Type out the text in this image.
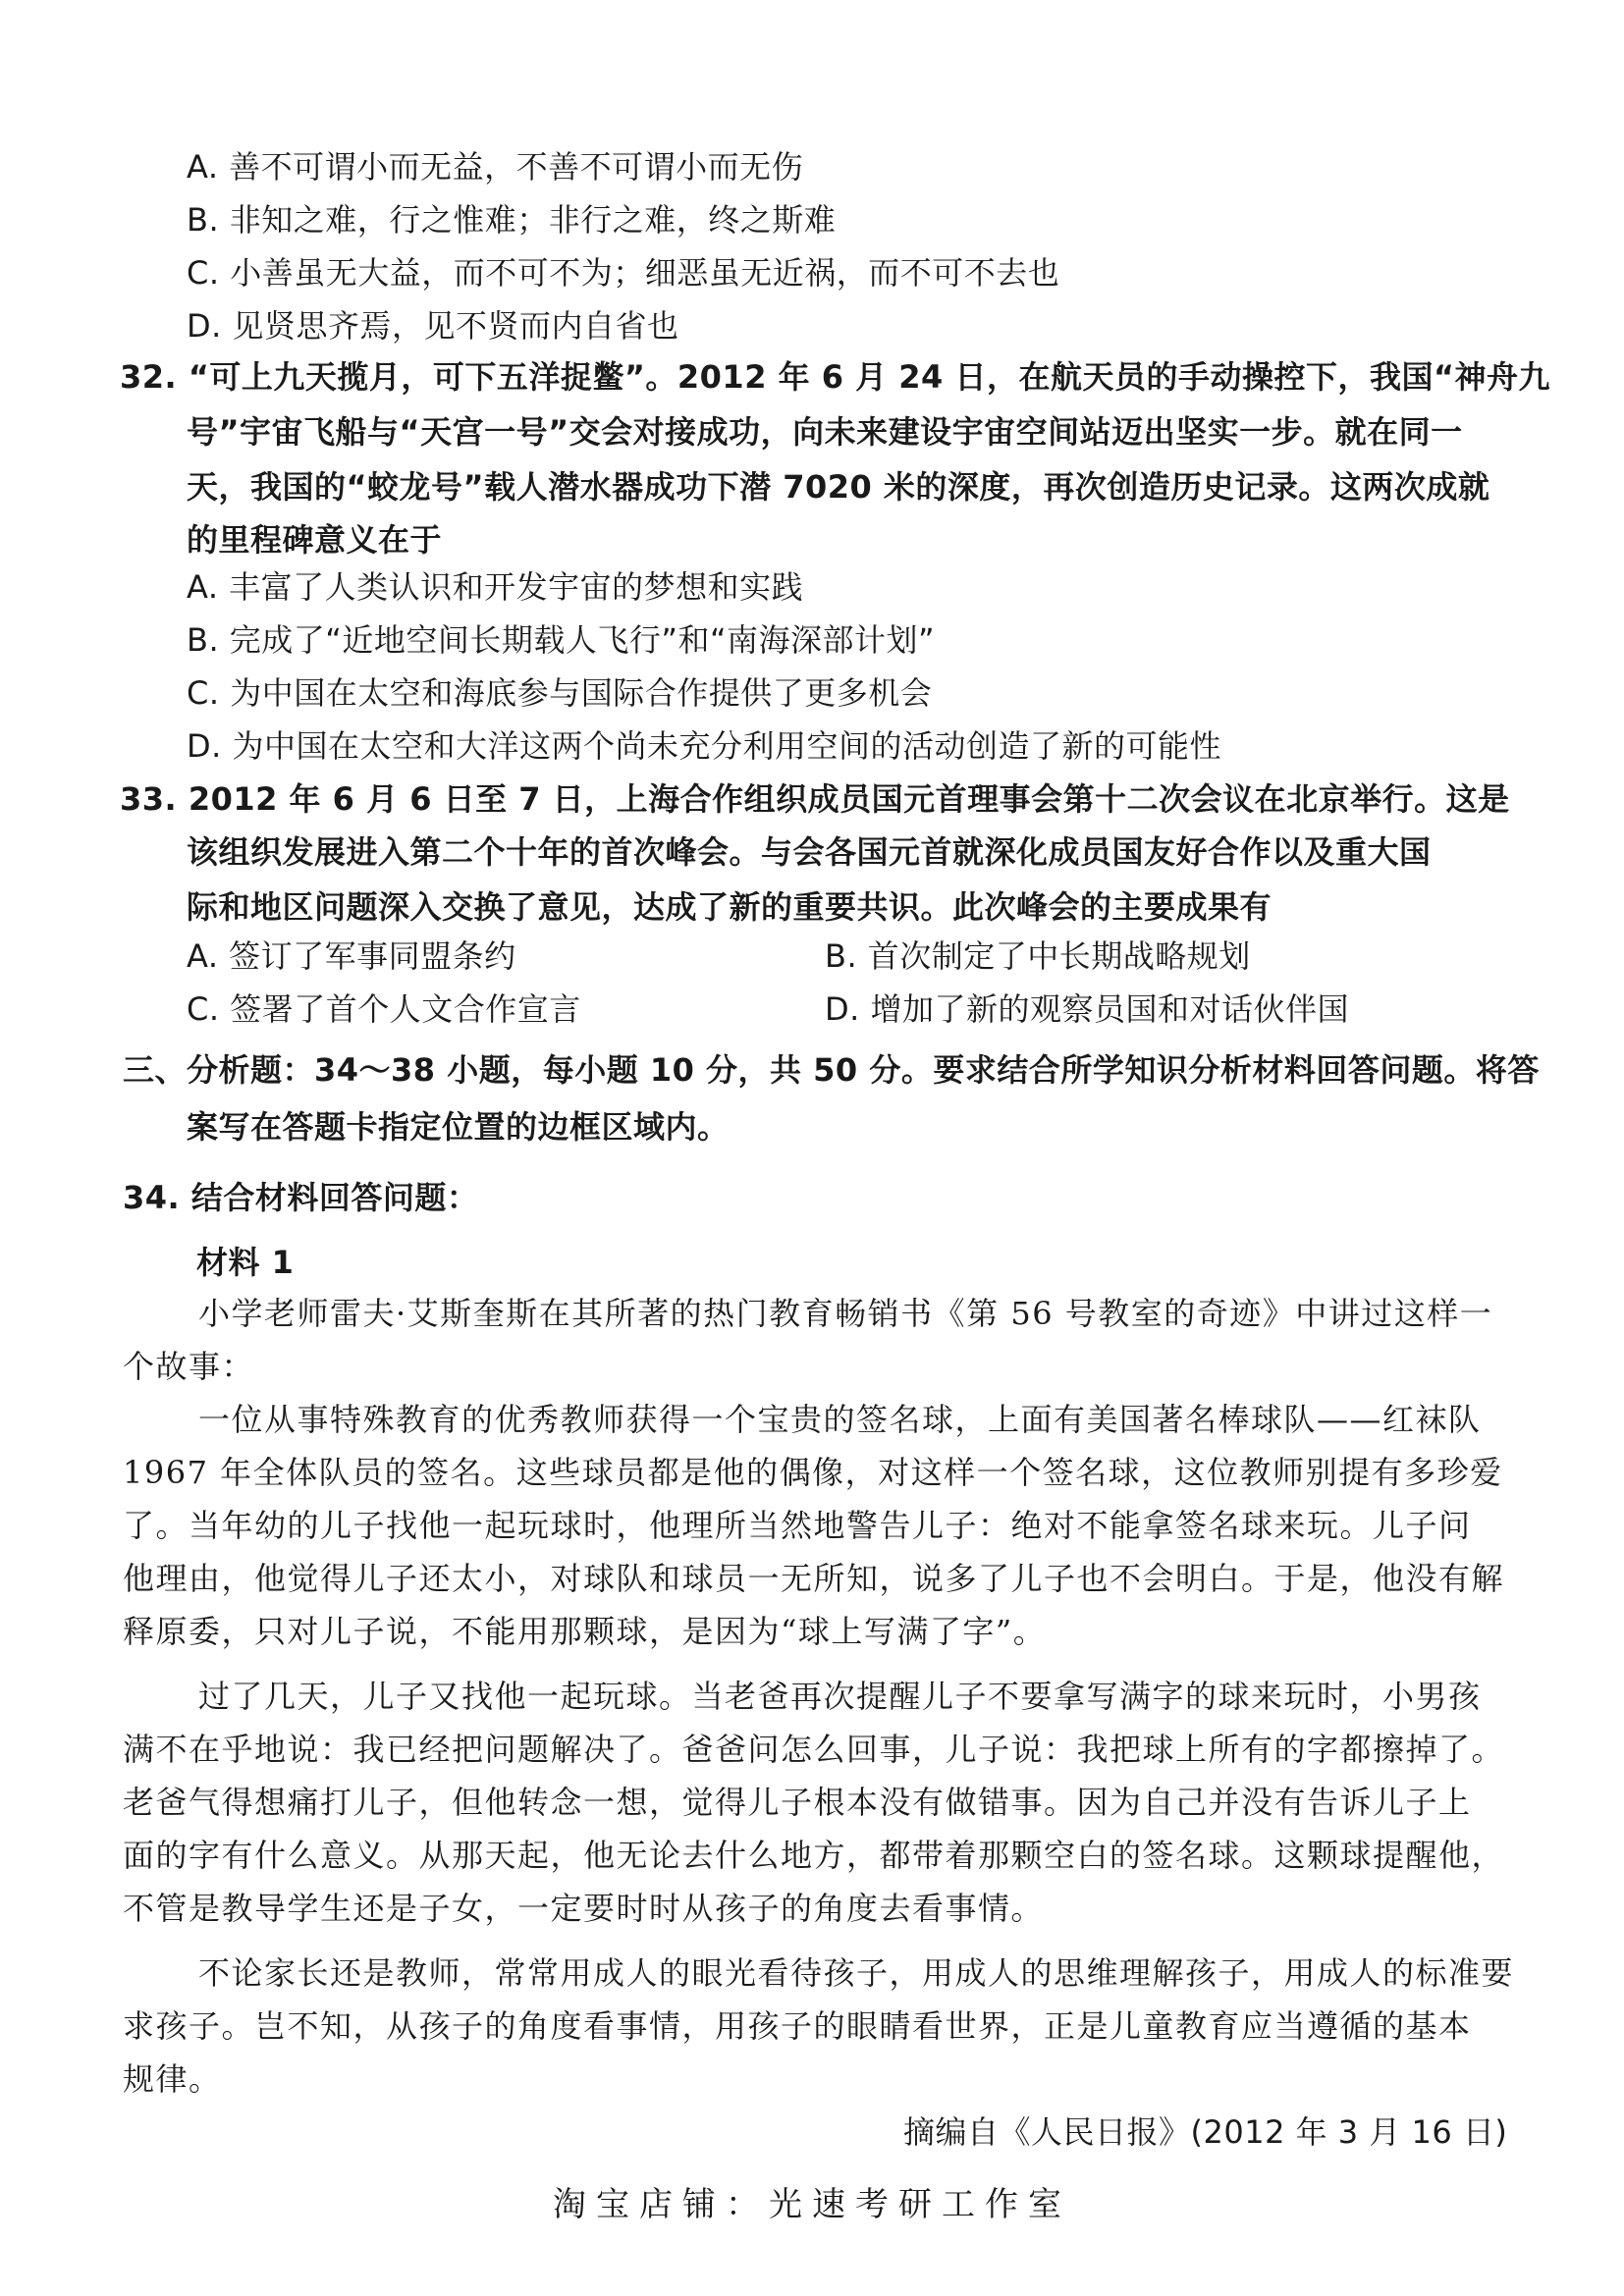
A. 善不可谓小而无益，不善不可谓小而无伤
B. 非知之难，行之惟难；非行之难，终之斯难
C. 小善虽无大益，而不可不为；细恶虽无近祸，而不可不去也
D. 见贤思齐焉，见不贤而内自省也
32. “可上九天揽月，可下五洋捉鳖”。2012 年 6 月 24 日，在航天员的手动操控下，我国“神舟九
号”宇宙飞船与“天宫一号”交会对接成功，向未来建设宇宙空间站迈出坚实一步。就在同一
天，我国的“蛟龙号”载人潜水器成功下潜 7020 米的深度，再次创造历史记录。这两次成就
的里程碑意义在于
A. 丰富了人类认识和开发宇宙的梦想和实践
B. 完成了“近地空间长期载人飞行”和“南海深部计划”
C. 为中国在太空和海底参与国际合作提供了更多机会
D. 为中国在太空和大洋这两个尚未充分利用空间的活动创造了新的可能性
33. 2012 年 6 月 6 日至 7 日，上海合作组织成员国元首理事会第十二次会议在北京举行。这是
该组织发展进入第二个十年的首次峰会。与会各国元首就深化成员国友好合作以及重大国
际和地区问题深入交换了意见，达成了新的重要共识。此次峰会的主要成果有
A. 签订了军事同盟条约	B. 首次制定了中长期战略规划
C. 签署了首个人文合作宣言	D. 增加了新的观察员国和对话伙伴国
三、分析题：34～38 小题，每小题 10 分，共 50 分。要求结合所学知识分析材料回答问题。将答
案写在答题卡指定位置的边框区域内。
34. 结合材料回答问题：
材料 1
小学老师雷夫·艾斯奎斯在其所著的热门教育畅销书《第 56 号教室的奇迹》中讲过这样一
个故事：
一位从事特殊教育的优秀教师获得一个宝贵的签名球，上面有美国著名棒球队——红袜队
1967 年全体队员的签名。这些球员都是他的偶像，对这样一个签名球，这位教师别提有多珍爱
了。当年幼的儿子找他一起玩球时，他理所当然地警告儿子：绝对不能拿签名球来玩。儿子问
他理由，他觉得儿子还太小，对球队和球员一无所知，说多了儿子也不会明白。于是，他没有解
释原委，只对儿子说，不能用那颗球，是因为“球上写满了字”。
过了几天，儿子又找他一起玩球。当老爸再次提醒儿子不要拿写满字的球来玩时，小男孩
满不在乎地说：我已经把问题解决了。爸爸问怎么回事，儿子说：我把球上所有的字都擦掉了。
老爸气得想痛打儿子，但他转念一想，觉得儿子根本没有做错事。因为自己并没有告诉儿子上
面的字有什么意义。从那天起，他无论去什么地方，都带着那颗空白的签名球。这颗球提醒他，
不管是教导学生还是子女，一定要时时从孩子的角度去看事情。
不论家长还是教师，常常用成人的眼光看待孩子，用成人的思维理解孩子，用成人的标准要
求孩子。岂不知，从孩子的角度看事情，用孩子的眼睛看世界，正是儿童教育应当遵循的基本
规律。
摘编自《人民日报》(2012 年 3 月 16 日)
淘宝店铺：光速考研工作室
